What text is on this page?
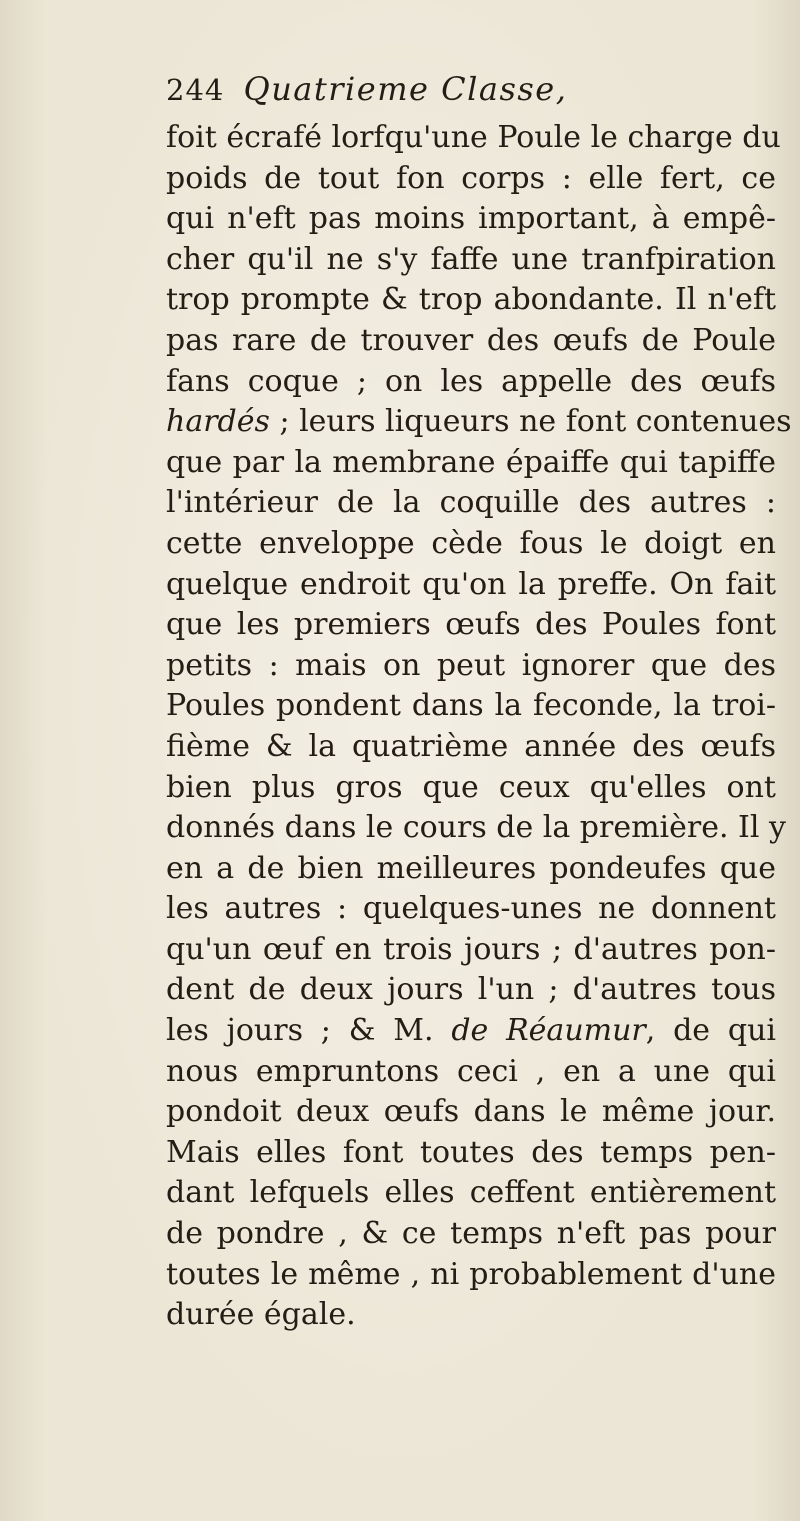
244 Quatrieme Classe,
foit écrafé lorfqu'une Poule le charge du
poids de tout fon corps : elle fert, ce
qui n'eft pas moins important, à empê-
cher qu'il ne s'y faffe une tranfpiration
trop prompte & trop abondante. Il n'eft
pas rare de trouver des œufs de Poule
fans coque ; on les appelle des œufs
hardés ; leurs liqueurs ne font contenues
que par la membrane épaiffe qui tapiffe
l'intérieur de la coquille des autres :
cette enveloppe cède fous le doigt en
quelque endroit qu'on la preffe. On fait
que les premiers œufs des Poules font
petits : mais on peut ignorer que des
Poules pondent dans la feconde, la troi-
fième & la quatrième année des œufs
bien plus gros que ceux qu'elles ont
donnés dans le cours de la première. Il y
en a de bien meilleures pondeufes que
les autres : quelques-unes ne donnent
qu'un œuf en trois jours ; d'autres pon-
dent de deux jours l'un ; d'autres tous
les jours ; & M. de Réaumur, de qui
nous empruntons ceci , en a une qui
pondoit deux œufs dans le même jour.
Mais elles font toutes des temps pen-
dant lefquels elles ceffent entièrement
de pondre , & ce temps n'eft pas pour
toutes le même , ni probablement d'une
durée égale.
